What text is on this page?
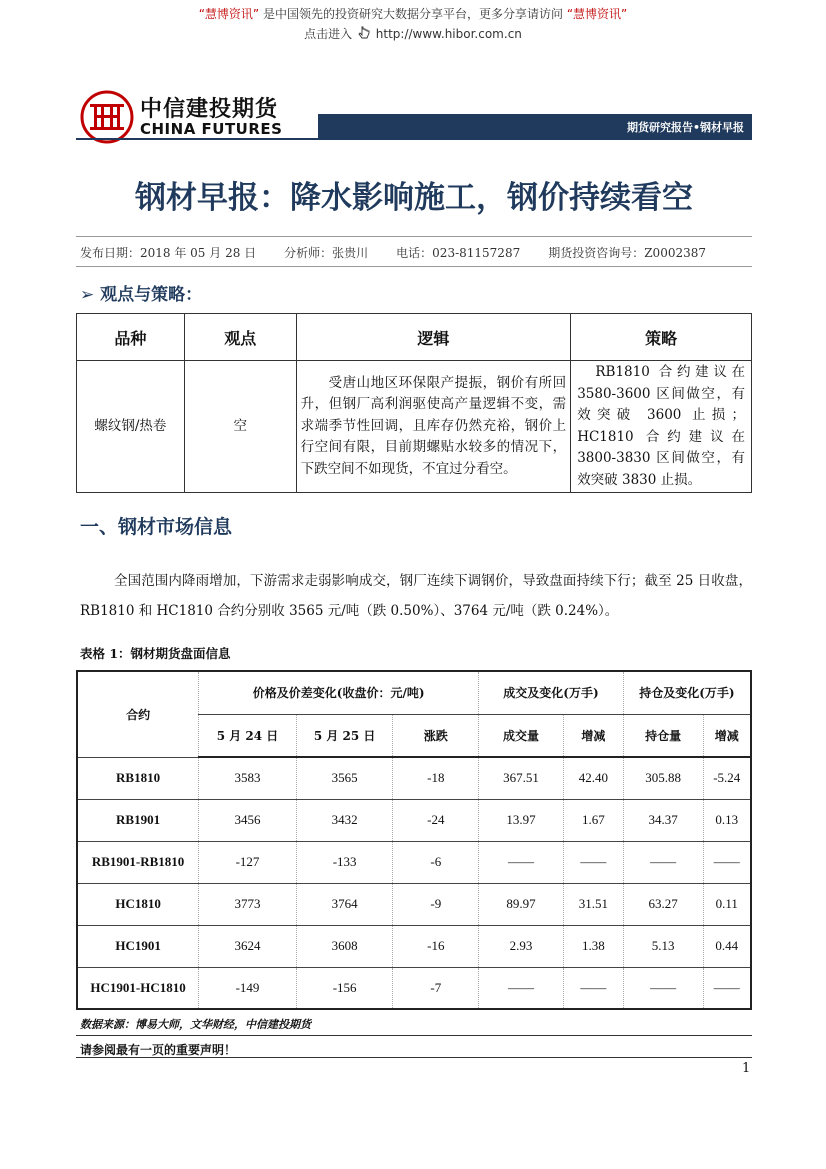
“慧博资讯” 是中国领先的投资研究大数据分享平台，更多分享请访问 “慧博资讯”
点击进入 http://www.hibor.com.cn
中信建投期货
CHINA FUTURES	期货研究报告•钢材早报
钢材早报：降水影响施工，钢价持续看空
发布日期：2018 年 05 月 28 日 分析师：张贵川 电话：023-81157287 期货投资咨询号：Z0002387
➢ 观点与策略：
品种	观点	逻辑	策略
螺纹钢/热卷	空	　　受唐山地区环保限产提振，钢价有所回升，但钢厂高利润驱使高产量逻辑不变，需求端季节性回调，且库存仍然充裕，钢价上行空间有限，目前期螺贴水较多的情况下，下跌空间不如现货，不宜过分看空。	　RB1810 合约建议在 3580-3600 区间做空，有效突破 3600 止损；HC1810 合约建议在 3800-3830 区间做空，有效突破 3830 止损。
一、钢材市场信息
全国范围内降雨增加，下游需求走弱影响成交，钢厂连续下调钢价，导致盘面持续下行；截至 25 日收盘，RB1810 和 HC1810 合约分别收 3565 元/吨（跌 0.50%）、3764 元/吨（跌 0.24%）。
表格 1：钢材期货盘面信息
合约	价格及价差变化(收盘价：元/吨)			成交及变化(万手)		持仓及变化(万手)	
	5 月 24 日	5 月 25 日	涨跌	成交量	增减	持仓量	增减
RB1810	3583	3565	-18	367.51	42.40	305.88	-5.24
RB1901	3456	3432	-24	13.97	1.67	34.37	0.13
RB1901-RB1810	-127	-133	-6	——	——	——	——
HC1810	3773	3764	-9	89.97	31.51	63.27	0.11
HC1901	3624	3608	-16	2.93	1.38	5.13	0.44
HC1901-HC1810	-149	-156	-7	——	——	——	——
数据来源：博易大师，文华财经，中信建投期货
请参阅最有一页的重要声明！
1
